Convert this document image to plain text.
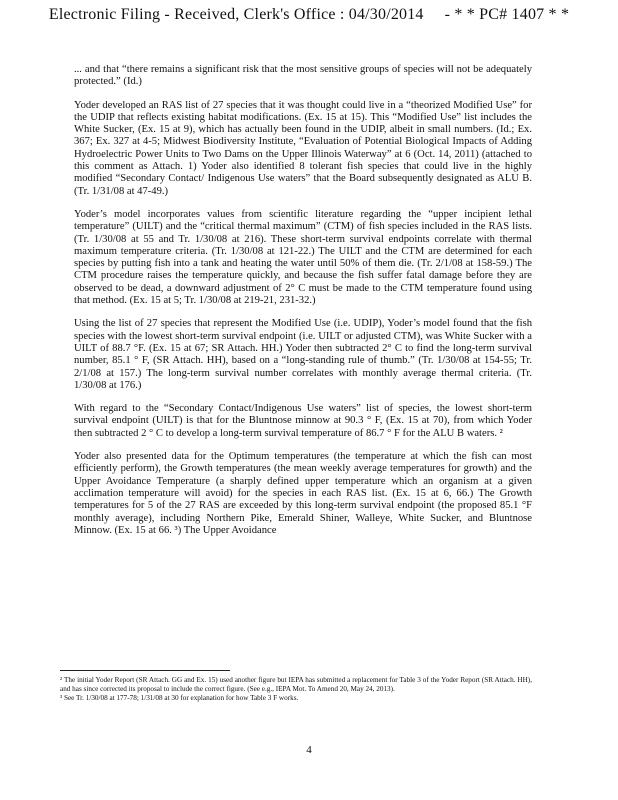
Electronic Filing - Received, Clerk's Office : 04/30/2014 - * * PC# 1407 * *

... and that “there remains a significant risk that the most sensitive groups of species will not be adequately protected.” (Id.)

Yoder developed an RAS list of 27 species that it was thought could live in a “theorized Modified Use” for the UDIP that reflects existing habitat modifications. (Ex. 15 at 15). This “Modified Use” list includes the White Sucker, (Ex. 15 at 9), which has actually been found in the UDIP, albeit in small numbers. (Id.; Ex. 367; Ex. 327 at 4-5; Midwest Biodiversity Institute, “Evaluation of Potential Biological Impacts of Adding Hydroelectric Power Units to Two Dams on the Upper Illinois Waterway” at 6 (Oct. 14, 2011) (attached to this comment as Attach. 1) Yoder also identified 8 tolerant fish species that could live in the highly modified “Secondary Contact/ Indigenous Use waters” that the Board subsequently designated as ALU B. (Tr. 1/31/08 at 47-49.)

Yoder’s model incorporates values from scientific literature regarding the “upper incipient lethal temperature” (UILT) and the “critical thermal maximum” (CTM) of fish species included in the RAS lists. (Tr. 1/30/08 at 55 and Tr. 1/30/08 at 216). These short-term survival endpoints correlate with thermal maximum temperature criteria. (Tr. 1/30/08 at 121-22.) The UILT and the CTM are determined for each species by putting fish into a tank and heating the water until 50% of them die. (Tr. 2/1/08 at 158-59.) The CTM procedure raises the temperature quickly, and because the fish suffer fatal damage before they are observed to be dead, a downward adjustment of 2° C must be made to the CTM temperature found using that method. (Ex. 15 at 5; Tr. 1/30/08 at 219-21, 231-32.)

Using the list of 27 species that represent the Modified Use (i.e. UDIP), Yoder’s model found that the fish species with the lowest short-term survival endpoint (i.e. UILT or adjusted CTM), was White Sucker with a UILT of 88.7 °F. (Ex. 15 at 67; SR Attach. HH.) Yoder then subtracted 2° C to find the long-term survival number, 85.1 ° F, (SR Attach. HH), based on a “long-standing rule of thumb.” (Tr. 1/30/08 at 154-55; Tr. 2/1/08 at 157.) The long-term survival number correlates with monthly average thermal criteria. (Tr. 1/30/08 at 176.)

With regard to the “Secondary Contact/Indigenous Use waters” list of species, the lowest short-term survival endpoint (UILT) is that for the Bluntnose minnow at 90.3 ° F, (Ex. 15 at 70), from which Yoder then subtracted 2 ° C to develop a long-term survival temperature of 86.7 ° F for the ALU B waters. ²

Yoder also presented data for the Optimum temperatures (the temperature at which the fish can most efficiently perform), the Growth temperatures (the mean weekly average temperatures for growth) and the Upper Avoidance Temperature (a sharply defined upper temperature which an organism at a given acclimation temperature will avoid) for the species in each RAS list. (Ex. 15 at 6, 66.) The Growth temperatures for 5 of the 27 RAS are exceeded by this long-term survival endpoint (the proposed 85.1 °F monthly average), including Northern Pike, Emerald Shiner, Walleye, White Sucker, and Bluntnose Minnow. (Ex. 15 at 66. ³) The Upper Avoidance

² The initial Yoder Report (SR Attach. GG and Ex. 15) used another figure but IEPA has submitted a replacement for Table 3 of the Yoder Report (SR Attach. HH), and has since corrected its proposal to include the correct figure. (See e.g., IEPA Mot. To Amend 20, May 24, 2013).

³ See Tr. 1/30/08 at 177-78; 1/31/08 at 30 for explanation for how Table 3 F works.

4
